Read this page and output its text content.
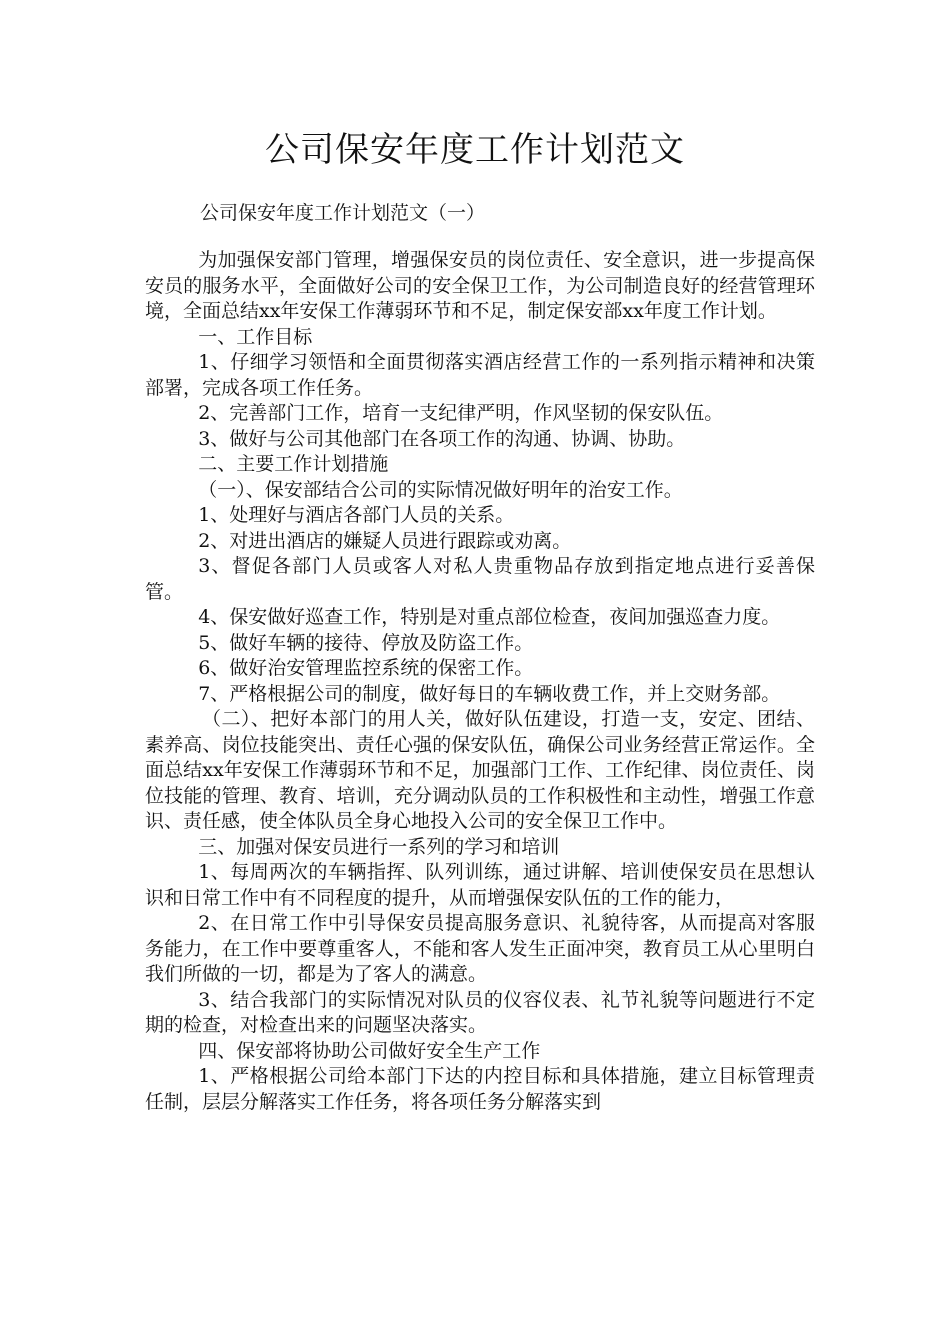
公司保安年度工作计划范文
公司保安年度工作计划范文（一）

为加强保安部门管理，增强保安员的岗位责任、安全意识，进一步提高保安员的服务水平，全面做好公司的安全保卫工作，为公司制造良好的经营管理环境，全面总结xx年安保工作薄弱环节和不足，制定保安部xx年度工作计划。

一、工作目标

1、仔细学习领悟和全面贯彻落实酒店经营工作的一系列指示精神和决策部署，完成各项工作任务。

2、完善部门工作，培育一支纪律严明，作风坚韧的保安队伍。

3、做好与公司其他部门在各项工作的沟通、协调、协助。

二、主要工作计划措施

（一）、保安部结合公司的实际情况做好明年的治安工作。

1、处理好与酒店各部门人员的关系。

2、对进出酒店的嫌疑人员进行跟踪或劝离。

3、督促各部门人员或客人对私人贵重物品存放到指定地点进行妥善保管。

4、保安做好巡查工作，特别是对重点部位检查，夜间加强巡查力度。

5、做好车辆的接待、停放及防盗工作。

6、做好治安管理监控系统的保密工作。

7、严格根据公司的制度，做好每日的车辆收费工作，并上交财务部。

（二）、把好本部门的用人关，做好队伍建设，打造一支，安定、团结、素养高、岗位技能突出、责任心强的保安队伍，确保公司业务经营正常运作。全面总结xx年安保工作薄弱环节和不足，加强部门工作、工作纪律、岗位责任、岗位技能的管理、教育、培训，充分调动队员的工作积极性和主动性，增强工作意识、责任感，使全体队员全身心地投入公司的安全保卫工作中。

三、加强对保安员进行一系列的学习和培训

1、每周两次的车辆指挥、队列训练，通过讲解、培训使保安员在思想认识和日常工作中有不同程度的提升，从而增强保安队伍的工作的能力，

2、在日常工作中引导保安员提高服务意识、礼貌待客，从而提高对客服务能力，在工作中要尊重客人，不能和客人发生正面冲突，教育员工从心里明白我们所做的一切，都是为了客人的满意。

3、结合我部门的实际情况对队员的仪容仪表、礼节礼貌等问题进行不定期的检查，对检查出来的问题坚决落实。

四、保安部将协助公司做好安全生产工作

1、严格根据公司给本部门下达的内控目标和具体措施，建立目标管理责任制，层层分解落实工作任务，将各项任务分解落实到
